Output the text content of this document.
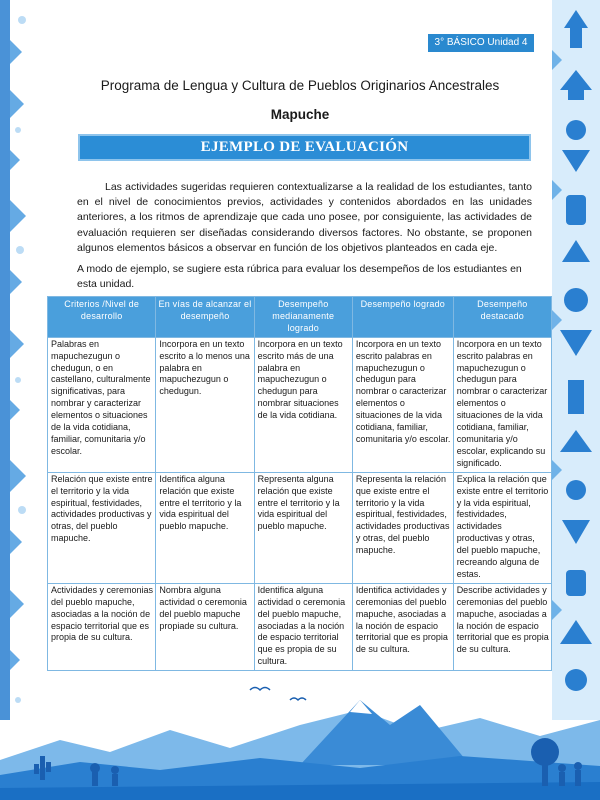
3° BÁSICO Unidad 4
Programa de Lengua y Cultura de Pueblos Originarios Ancestrales
Mapuche
EJEMPLO DE EVALUACIÓN
Las actividades sugeridas requieren contextualizarse a la realidad de los estudiantes, tanto en el nivel de conocimientos previos, actividades y contenidos abordados en las unidades anteriores, a los ritmos de aprendizaje que cada uno posee, por consiguiente, las actividades de evaluación requieren ser diseñadas considerando diversos factores. No obstante, se proponen algunos elementos básicos a observar en función de los objetivos planteados en cada eje.
A modo de ejemplo, se sugiere esta rúbrica para evaluar los desempeños de los estudiantes en esta unidad.
Criterios /Nivel de desarrollo	En vías de alcanzar el desempeño	Desempeño medianamente logrado	Desempeño logrado	Desempeño destacado
Palabras en mapuchezugun o chedugun, o en castellano, culturalmente significativas, para nombrar y caracterizar elementos o situaciones de la vida cotidiana, familiar, comunitaria y/o escolar.	Incorpora en un texto escrito a lo menos una palabra en mapuchezugun o chedugun.	Incorpora en un texto escrito más de una palabra en mapuchezugun o chedugun para nombrar situaciones de la vida cotidiana.	Incorpora en un texto escrito palabras en mapuchezugun o chedugun para nombrar o caracterizar elementos o situaciones de la vida cotidiana, familiar, comunitaria y/o escolar.	Incorpora en un texto escrito palabras en mapuchezugun o chedugun para nombrar o caracterizar elementos o situaciones de la vida cotidiana, familiar, comunitaria y/o escolar, explicando su significado.
Relación que existe entre el territorio y la vida espiritual, festividades, actividades productivas y otras, del pueblo mapuche.	Identifica alguna relación que existe entre el territorio y la vida espiritual del pueblo mapuche.	Representa alguna relación que existe entre el territorio y la vida espiritual del pueblo mapuche.	Representa la relación que existe entre el territorio y la vida espiritual, festividades, actividades productivas y otras, del pueblo mapuche.	Explica la relación que existe entre el territorio y la vida espiritual, festividades, actividades productivas y otras, del pueblo mapuche, recreando alguna de estas.
Actividades y ceremonias del pueblo mapuche, asociadas a la noción de espacio territorial que es propia de su cultura.	Nombra alguna actividad o ceremonia del pueblo mapuche propiade su cultura.	Identifica alguna actividad o ceremonia del pueblo mapuche, asociadas a la noción de espacio territorial que es propia de su cultura.	Identifica actividades y ceremonias del pueblo mapuche, asociadas a la noción de espacio territorial que es propia de su cultura.	Describe actividades y ceremonias del pueblo mapuche, asociadas a la noción de espacio territorial que es propia de su cultura.
